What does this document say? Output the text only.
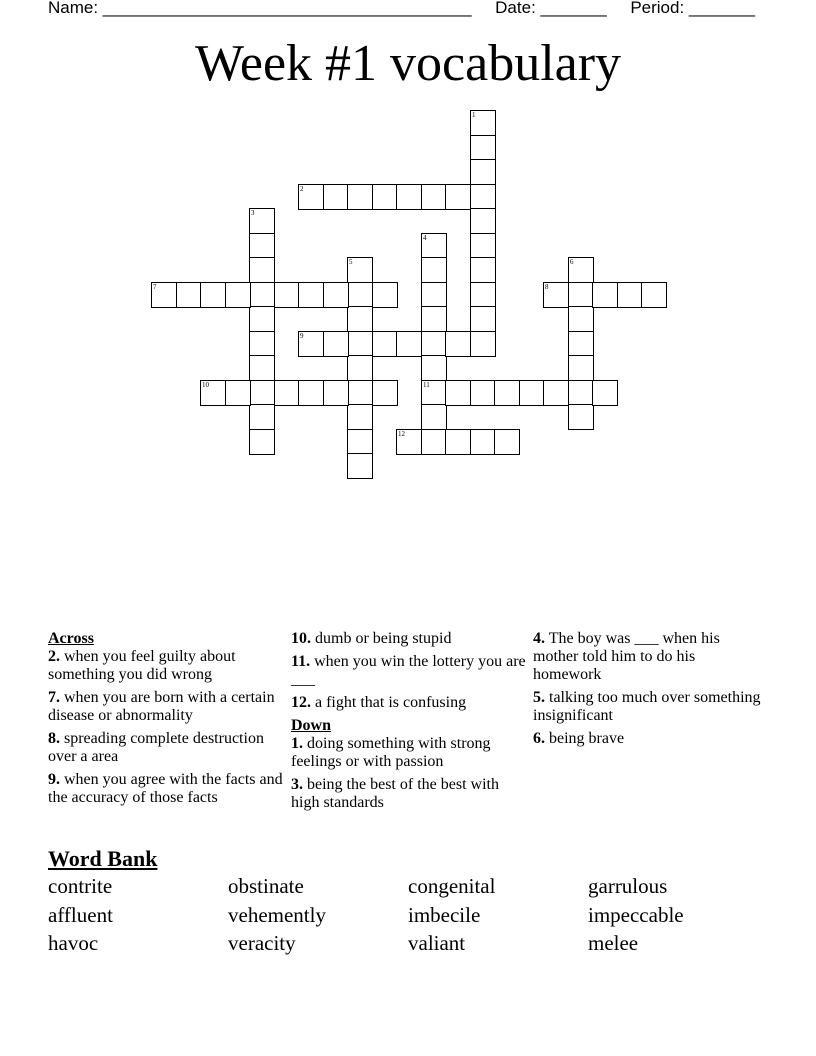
Name: _______________________________________ Date: _______ Period: _______
Week #1 vocabulary
1
2
3
4
5	6
7	8
9
10	11
12
Across
2. when you feel guilty about something you did wrong
7. when you are born with a certain disease or abnormality
8. spreading complete destruction over a area
9. when you agree with the facts and the accuracy of those facts
10. dumb or being stupid
11. when you win the lottery you are ___
12. a fight that is confusing
Down
1. doing something with strong feelings or with passion
3. being the best of the best with high standards
4. The boy was ___ when his mother told him to do his homework
5. talking too much over something insignificant
6. being brave
Word Bank
contrite	obstinate	congenital	garrulous
affluent	vehemently	imbecile	impeccable
havoc	veracity	valiant	melee
